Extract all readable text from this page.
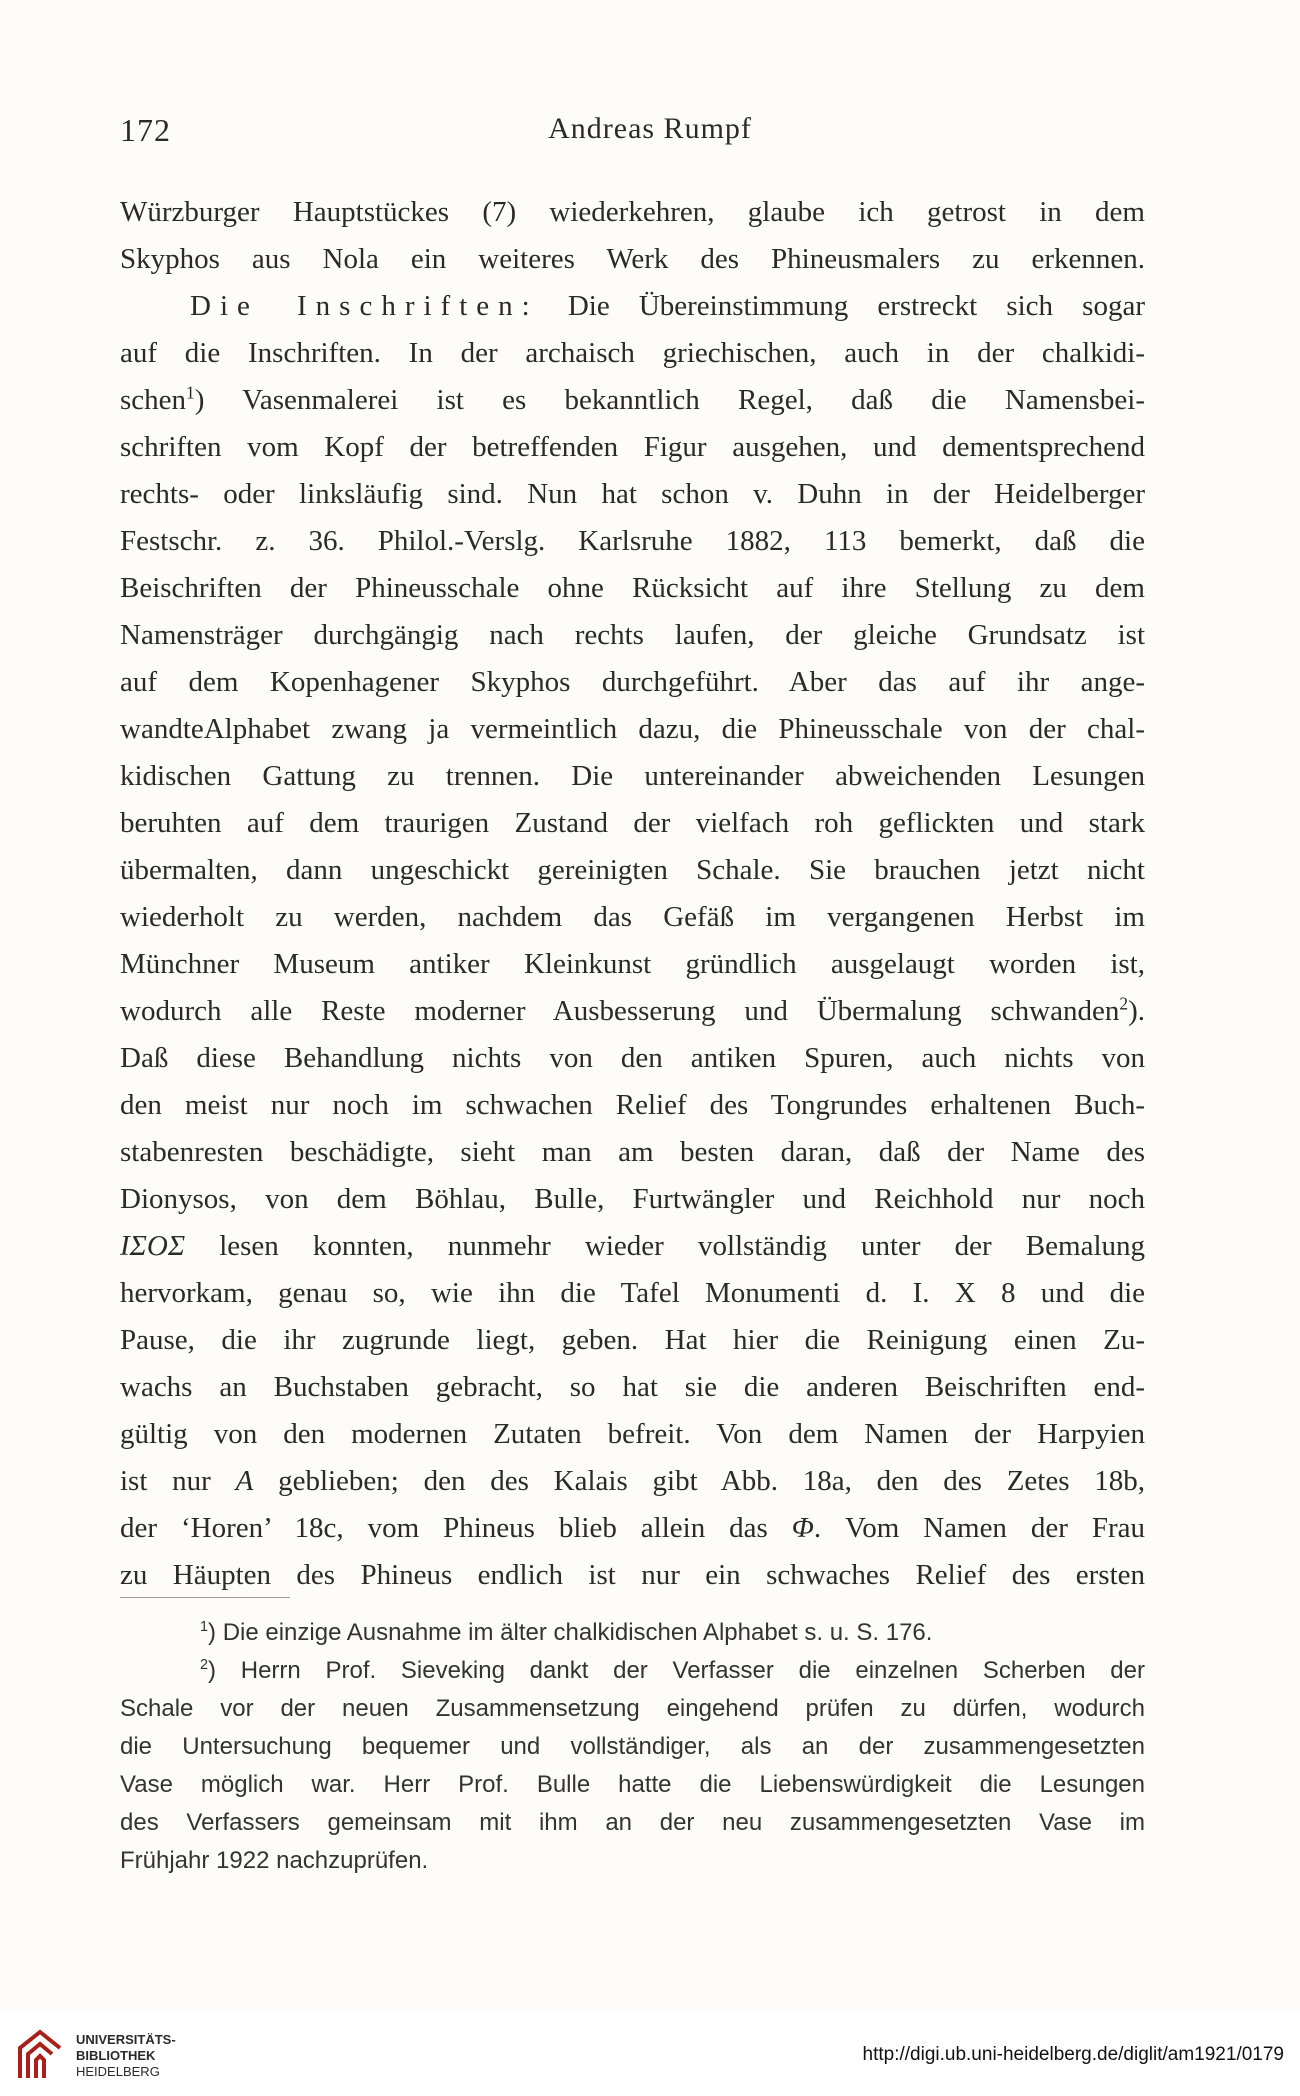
172	Andreas Rumpf
Würzburger Hauptstückes (7) wiederkehren, glaube ich getrost in dem
Skyphos aus Nola ein weiteres Werk des Phineusmalers zu erkennen.
Die Inschriften: Die Übereinstimmung erstreckt sich sogar
auf die Inschriften. In der archaisch griechischen, auch in der chalkidi-
schen$^1$) Vasenmalerei ist es bekanntlich Regel, daß die Namensbei-
schriften vom Kopf der betreffenden Figur ausgehen, und dementsprechend
rechts- oder linksläufig sind. Nun hat schon v. Duhn in der Heidelberger
Festschr. z. 36. Philol.-Verslg. Karlsruhe 1882, 113 bemerkt, daß die
Beischriften der Phineusschale ohne Rücksicht auf ihre Stellung zu dem
Namensträger durchgängig nach rechts laufen, der gleiche Grundsatz ist
auf dem Kopenhagener Skyphos durchgeführt. Aber das auf ihr ange-
wandteAlphabet zwang ja vermeintlich dazu, die Phineusschale von der chal-
kidischen Gattung zu trennen. Die untereinander abweichenden Lesungen
beruhten auf dem traurigen Zustand der vielfach roh geflickten und stark
übermalten, dann ungeschickt gereinigten Schale. Sie brauchen jetzt nicht
wiederholt zu werden, nachdem das Gefäß im vergangenen Herbst im
Münchner Museum antiker Kleinkunst gründlich ausgelaugt worden ist,
wodurch alle Reste moderner Ausbesserung und Übermalung schwanden$^2$).
Daß diese Behandlung nichts von den antiken Spuren, auch nichts von
den meist nur noch im schwachen Relief des Tongrundes erhaltenen Buch-
stabenresten beschädigte, sieht man am besten daran, daß der Name des
Dionysos, von dem Böhlau, Bulle, Furtwängler und Reichhold nur noch
ΙΣΟΣ lesen konnten, nunmehr wieder vollständig unter der Bemalung
hervorkam, genau so, wie ihn die Tafel Monumenti d. I. X 8 und die
Pause, die ihr zugrunde liegt, geben. Hat hier die Reinigung einen Zu-
wachs an Buchstaben gebracht, so hat sie die anderen Beischriften end-
gültig von den modernen Zutaten befreit. Von dem Namen der Harpyien
ist nur Α geblieben; den des Kalais gibt Abb. 18a, den des Zetes 18b,
der ‘Horen’ 18c, vom Phineus blieb allein das Φ. Vom Namen der Frau
zu Häupten des Phineus endlich ist nur ein schwaches Relief des ersten
$^1$) Die einzige Ausnahme im älter chalkidischen Alphabet s. u. S. 176.
$^2$) Herrn Prof. Sieveking dankt der Verfasser die einzelnen Scherben der
Schale vor der neuen Zusammensetzung eingehend prüfen zu dürfen, wodurch
die Untersuchung bequemer und vollständiger, als an der zusammengesetzten
Vase möglich war. Herr Prof. Bulle hatte die Liebenswürdigkeit die Lesungen
des Verfassers gemeinsam mit ihm an der neu zusammengesetzten Vase im
Frühjahr 1922 nachzuprüfen.
UNIVERSITÄTS-
BIBLIOTHEK
HEIDELBERG
http://digi.ub.uni-heidelberg.de/diglit/am1921/0179
